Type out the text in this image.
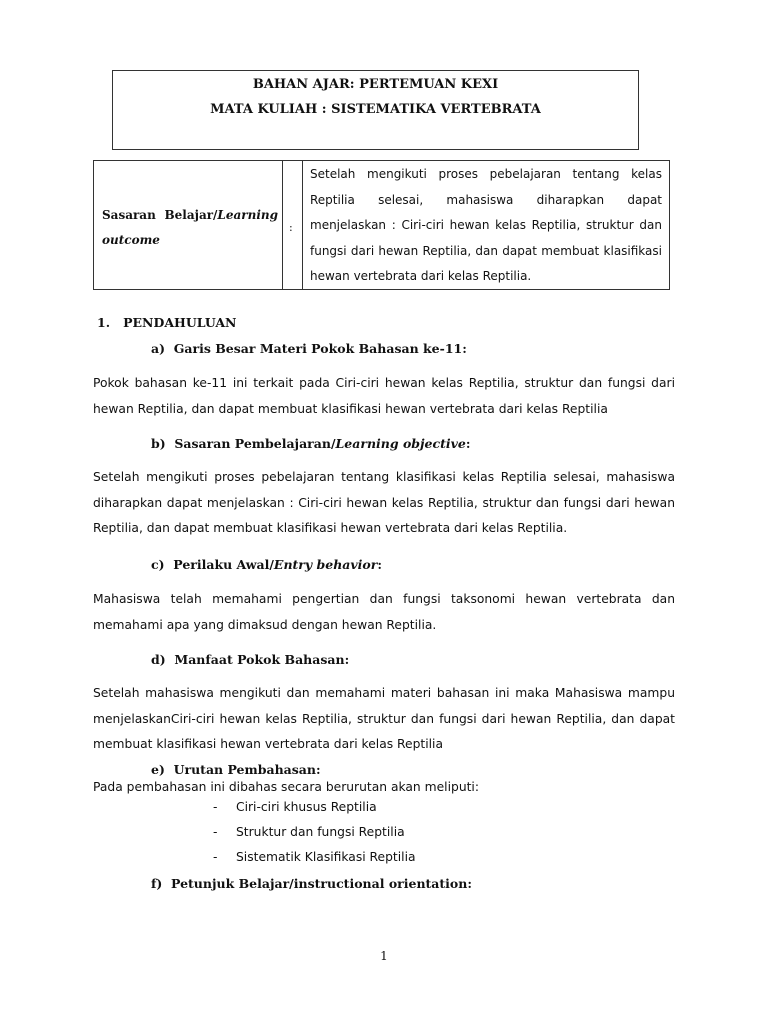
BAHAN AJAR: PERTEMUAN KEXI
MATA KULIAH : SISTEMATIKA VERTEBRATA
Sasaran Belajar/Learning outcome
:
Setelah mengikuti proses pebelajaran tentang kelas Reptilia selesai, mahasiswa diharapkan dapat menjelaskan : Ciri-ciri hewan kelas Reptilia, struktur dan fungsi dari hewan Reptilia, dan dapat membuat klasifikasi hewan vertebrata dari kelas Reptilia.
1. PENDAHULUAN
a) Garis Besar Materi Pokok Bahasan ke-11:
Pokok bahasan ke-11 ini terkait pada Ciri-ciri hewan kelas Reptilia, struktur dan fungsi dari hewan Reptilia, dan dapat membuat klasifikasi hewan vertebrata dari kelas Reptilia
b) Sasaran Pembelajaran/Learning objective:
Setelah mengikuti proses pebelajaran tentang klasifikasi kelas Reptilia selesai, mahasiswa diharapkan dapat menjelaskan : Ciri-ciri hewan kelas Reptilia, struktur dan fungsi dari hewan Reptilia, dan dapat membuat klasifikasi hewan vertebrata dari kelas Reptilia.
c) Perilaku Awal/Entry behavior:
Mahasiswa telah memahami pengertian dan fungsi taksonomi hewan vertebrata dan memahami apa yang dimaksud dengan hewan Reptilia.
d) Manfaat Pokok Bahasan:
Setelah mahasiswa mengikuti dan memahami materi bahasan ini maka Mahasiswa mampu menjelaskanCiri-ciri hewan kelas Reptilia, struktur dan fungsi dari hewan Reptilia, dan dapat membuat klasifikasi hewan vertebrata dari kelas Reptilia
e) Urutan Pembahasan:
Pada pembahasan ini dibahas secara berurutan akan meliputi:
- Ciri-ciri khusus Reptilia
- Struktur dan fungsi Reptilia
- Sistematik Klasifikasi Reptilia
f) Petunjuk Belajar/instructional orientation:
1
